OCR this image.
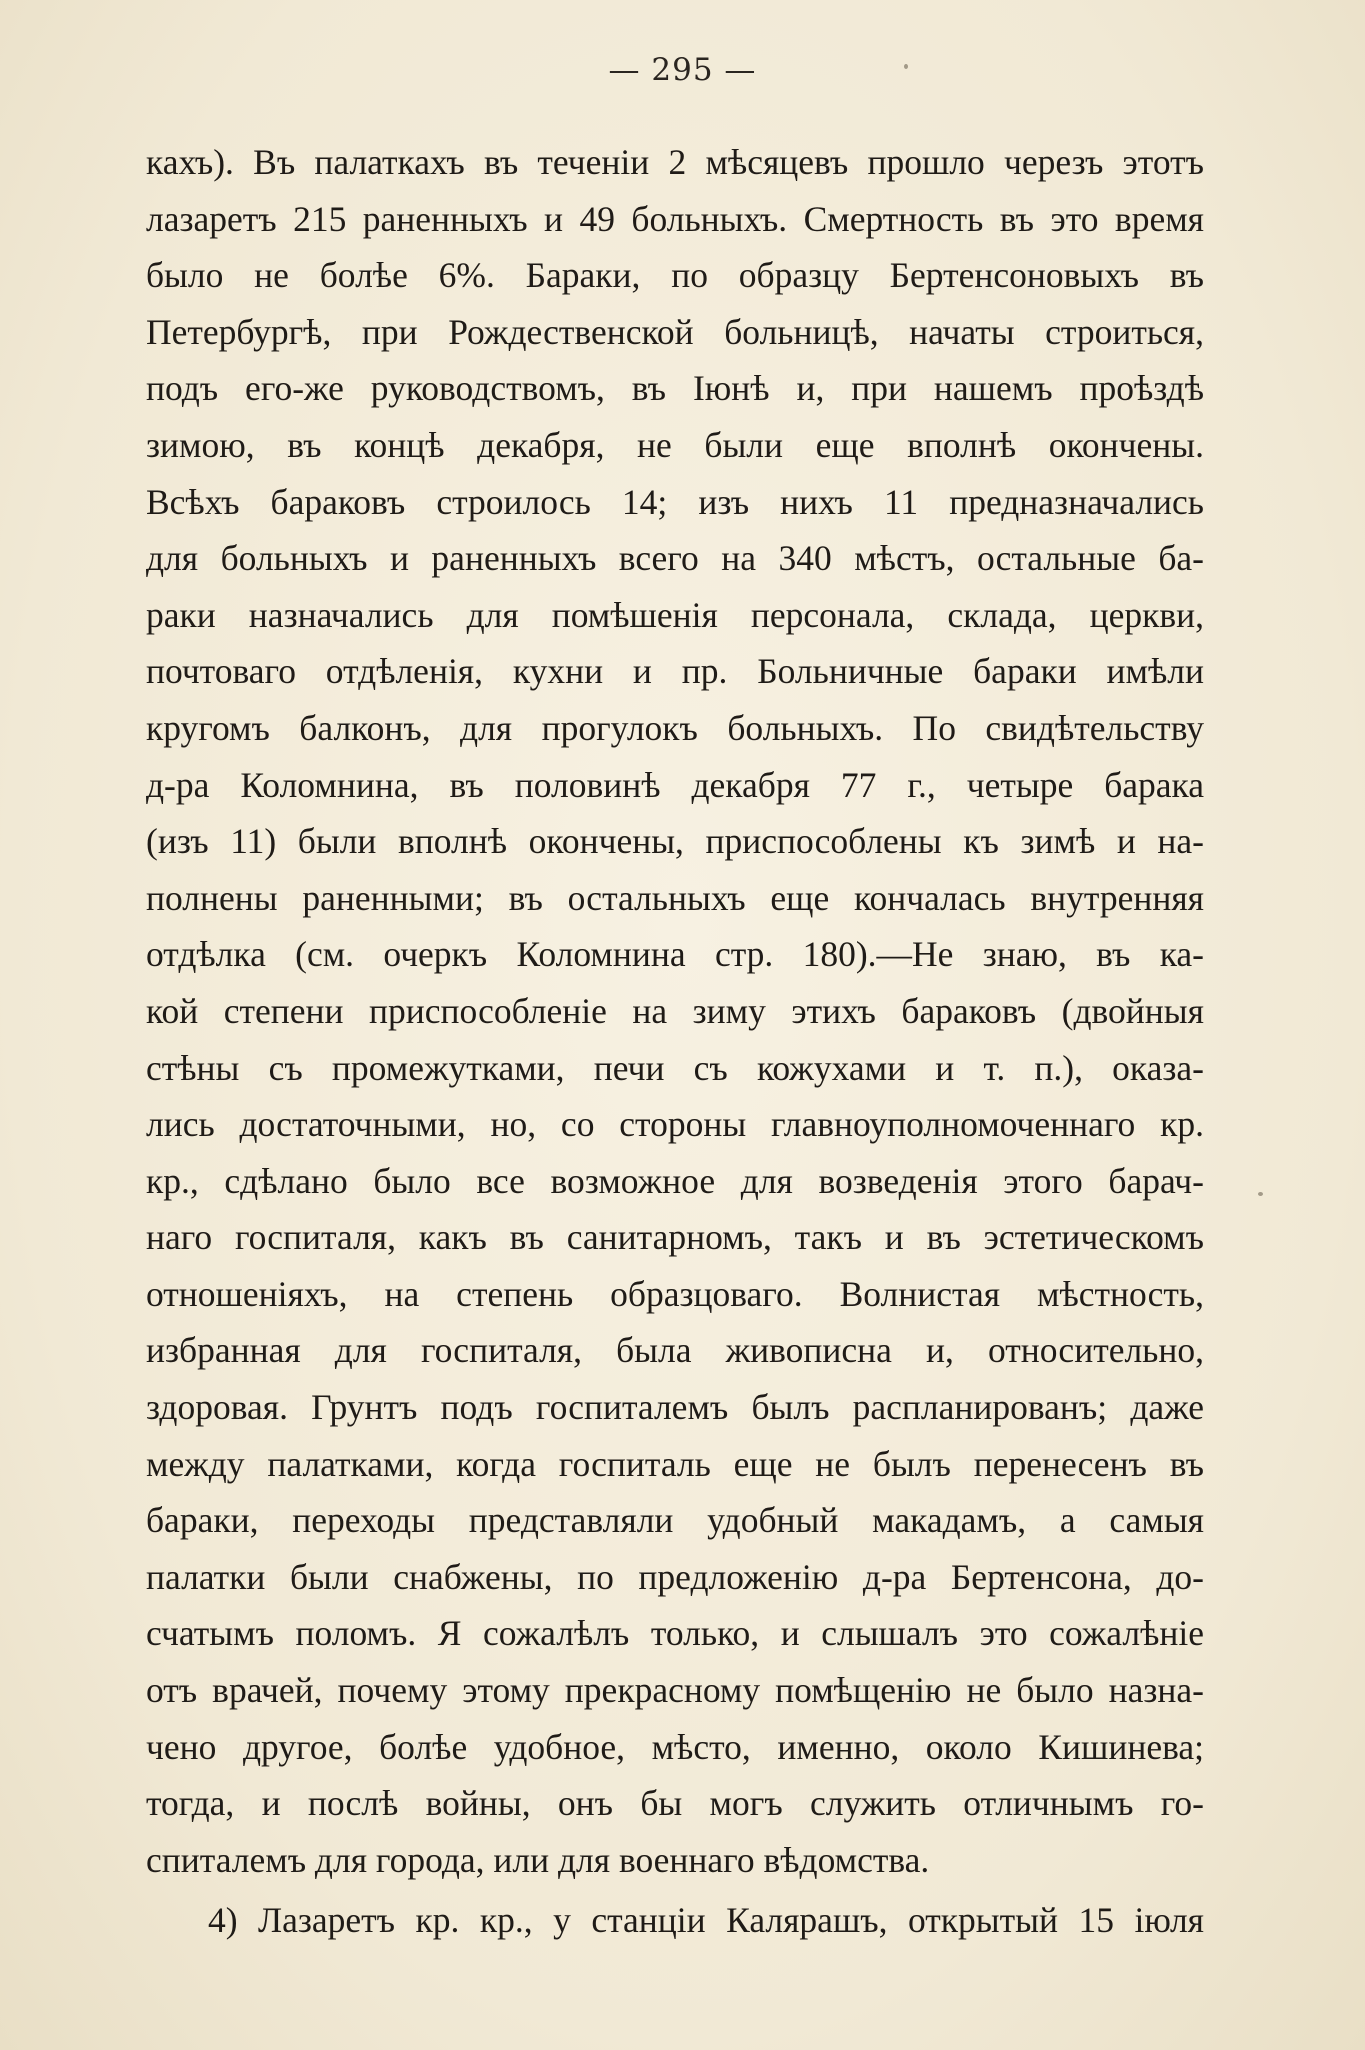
— 295 —
кахъ). Въ палаткахъ въ теченіи 2 мѣсяцевъ прошло черезъ этотъ
лазаретъ 215 раненныхъ и 49 больныхъ. Смертность въ это время
было не болѣе 6%. Бараки, по образцу Бертенсоновыхъ въ
Петербургѣ, при Рождественской больницѣ, начаты строиться,
подъ его-же руководствомъ, въ Іюнѣ и, при нашемъ проѣздѣ
зимою, въ концѣ декабря, не были еще вполнѣ окончены.
Всѣхъ бараковъ строилось 14; изъ нихъ 11 предназначались
для больныхъ и раненныхъ всего на 340 мѣстъ, остальные ба-
раки назначались для помѣшенія персонала, склада, церкви,
почтоваго отдѣленія, кухни и пр. Больничные бараки имѣли
кругомъ балконъ, для прогулокъ больныхъ. По свидѣтельству
д-ра Коломнина, въ половинѣ декабря 77 г., четыре барака
(изъ 11) были вполнѣ окончены, приспособлены къ зимѣ и на-
полнены раненными; въ остальныхъ еще кончалась внутренняя
отдѣлка (см. очеркъ Коломнина стр. 180).—Не знаю, въ ка-
кой степени приспособленіе на зиму этихъ бараковъ (двойныя
стѣны съ промежутками, печи съ кожухами и т. п.), оказа-
лись достаточными, но, со стороны главноуполномоченнаго кр.
кр., сдѣлано было все возможное для возведенія этого барач-
наго госпиталя, какъ въ санитарномъ, такъ и въ эстетическомъ
отношеніяхъ, на степень образцоваго. Волнистая мѣстность,
избранная для госпиталя, была живописна и, относительно,
здоровая. Грунтъ подъ госпиталемъ былъ распланированъ; даже
между палатками, когда госпиталь еще не былъ перенесенъ въ
бараки, переходы представляли удобный макадамъ, а самыя
палатки были снабжены, по предложенію д-ра Бертенсона, до-
счатымъ поломъ. Я сожалѣлъ только, и слышалъ это сожалѣніе
отъ врачей, почему этому прекрасному помѣщенію не было назна-
чено другое, болѣе удобное, мѣсто, именно, около Кишинева;
тогда, и послѣ войны, онъ бы могъ служить отличнымъ го-
спиталемъ для города, или для военнаго вѣдомства.
4) Лазаретъ кр. кр., у станціи Калярашъ, открытый 15 іюля
